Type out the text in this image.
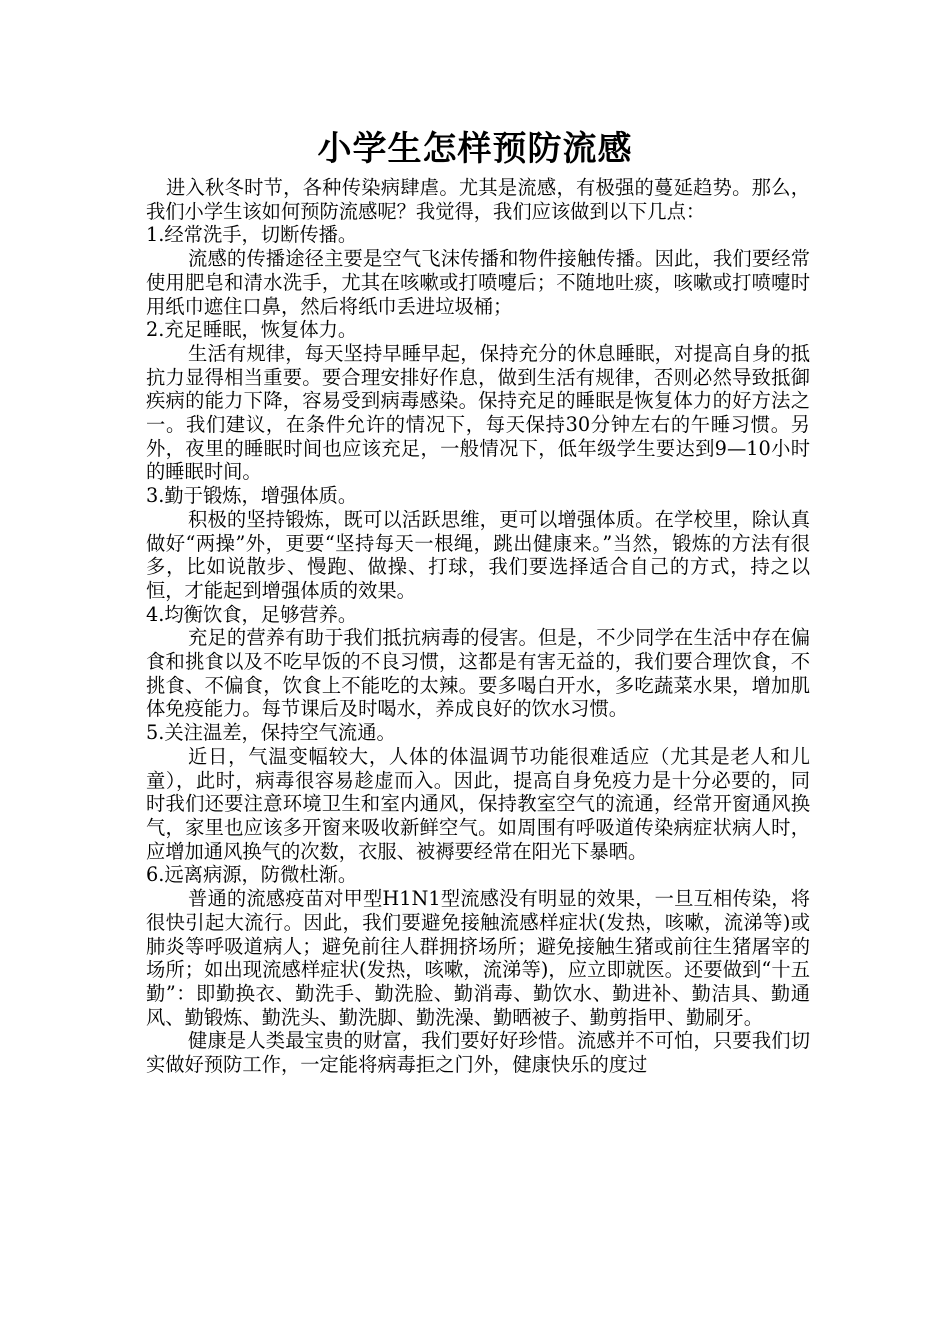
小学生怎样预防流感

进入秋冬时节，各种传染病肆虐。尤其是流感，有极强的蔓延趋势。那么，我们小学生该如何预防流感呢？我觉得，我们应该做到以下几点：

1.经常洗手，切断传播。

流感的传播途径主要是空气飞沫传播和物件接触传播。因此，我们要经常使用肥皂和清水洗手，尤其在咳嗽或打喷嚏后；不随地吐痰，咳嗽或打喷嚏时用纸巾遮住口鼻，然后将纸巾丢进垃圾桶；

2.充足睡眠，恢复体力。

生活有规律，每天坚持早睡早起，保持充分的休息睡眠，对提高自身的抵抗力显得相当重要。要合理安排好作息，做到生活有规律，否则必然导致抵御疾病的能力下降，容易受到病毒感染。保持充足的睡眠是恢复体力的好方法之一。我们建议，在条件允许的情况下，每天保持30分钟左右的午睡习惯。另外，夜里的睡眠时间也应该充足，一般情况下，低年级学生要达到9—10小时的睡眠时间。

3.勤于锻炼，增强体质。

积极的坚持锻炼，既可以活跃思维，更可以增强体质。在学校里，除认真做好“两操”外，更要“坚持每天一根绳，跳出健康来。”当然，锻炼的方法有很多，比如说散步、慢跑、做操、打球，我们要选择适合自己的方式，持之以恒，才能起到增强体质的效果。

4.均衡饮食，足够营养。

充足的营养有助于我们抵抗病毒的侵害。但是，不少同学在生活中存在偏食和挑食以及不吃早饭的不良习惯，这都是有害无益的，我们要合理饮食，不挑食、不偏食，饮食上不能吃的太辣。要多喝白开水，多吃蔬菜水果，增加肌体免疫能力。每节课后及时喝水，养成良好的饮水习惯。

5.关注温差，保持空气流通。

近日，气温变幅较大，人体的体温调节功能很难适应（尤其是老人和儿童），此时，病毒很容易趁虚而入。因此，提高自身免疫力是十分必要的，同时我们还要注意环境卫生和室内通风，保持教室空气的流通，经常开窗通风换气，家里也应该多开窗来吸收新鲜空气。如周围有呼吸道传染病症状病人时，应增加通风换气的次数，衣服、被褥要经常在阳光下暴晒。

6.远离病源，防微杜渐。

普通的流感疫苗对甲型H1N1型流感没有明显的效果，一旦互相传染，将很快引起大流行。因此，我们要避免接触流感样症状(发热，咳嗽，流涕等)或肺炎等呼吸道病人；避免前往人群拥挤场所；避免接触生猪或前往生猪屠宰的场所；如出现流感样症状(发热，咳嗽，流涕等)，应立即就医。还要做到“十五勤”：即勤换衣、勤洗手、勤洗脸、勤消毒、勤饮水、勤进补、勤洁具、勤通风、勤锻炼、勤洗头、勤洗脚、勤洗澡、勤晒被子、勤剪指甲、勤刷牙。

健康是人类最宝贵的财富，我们要好好珍惜。流感并不可怕，只要我们切实做好预防工作，一定能将病毒拒之门外，健康快乐的度过
